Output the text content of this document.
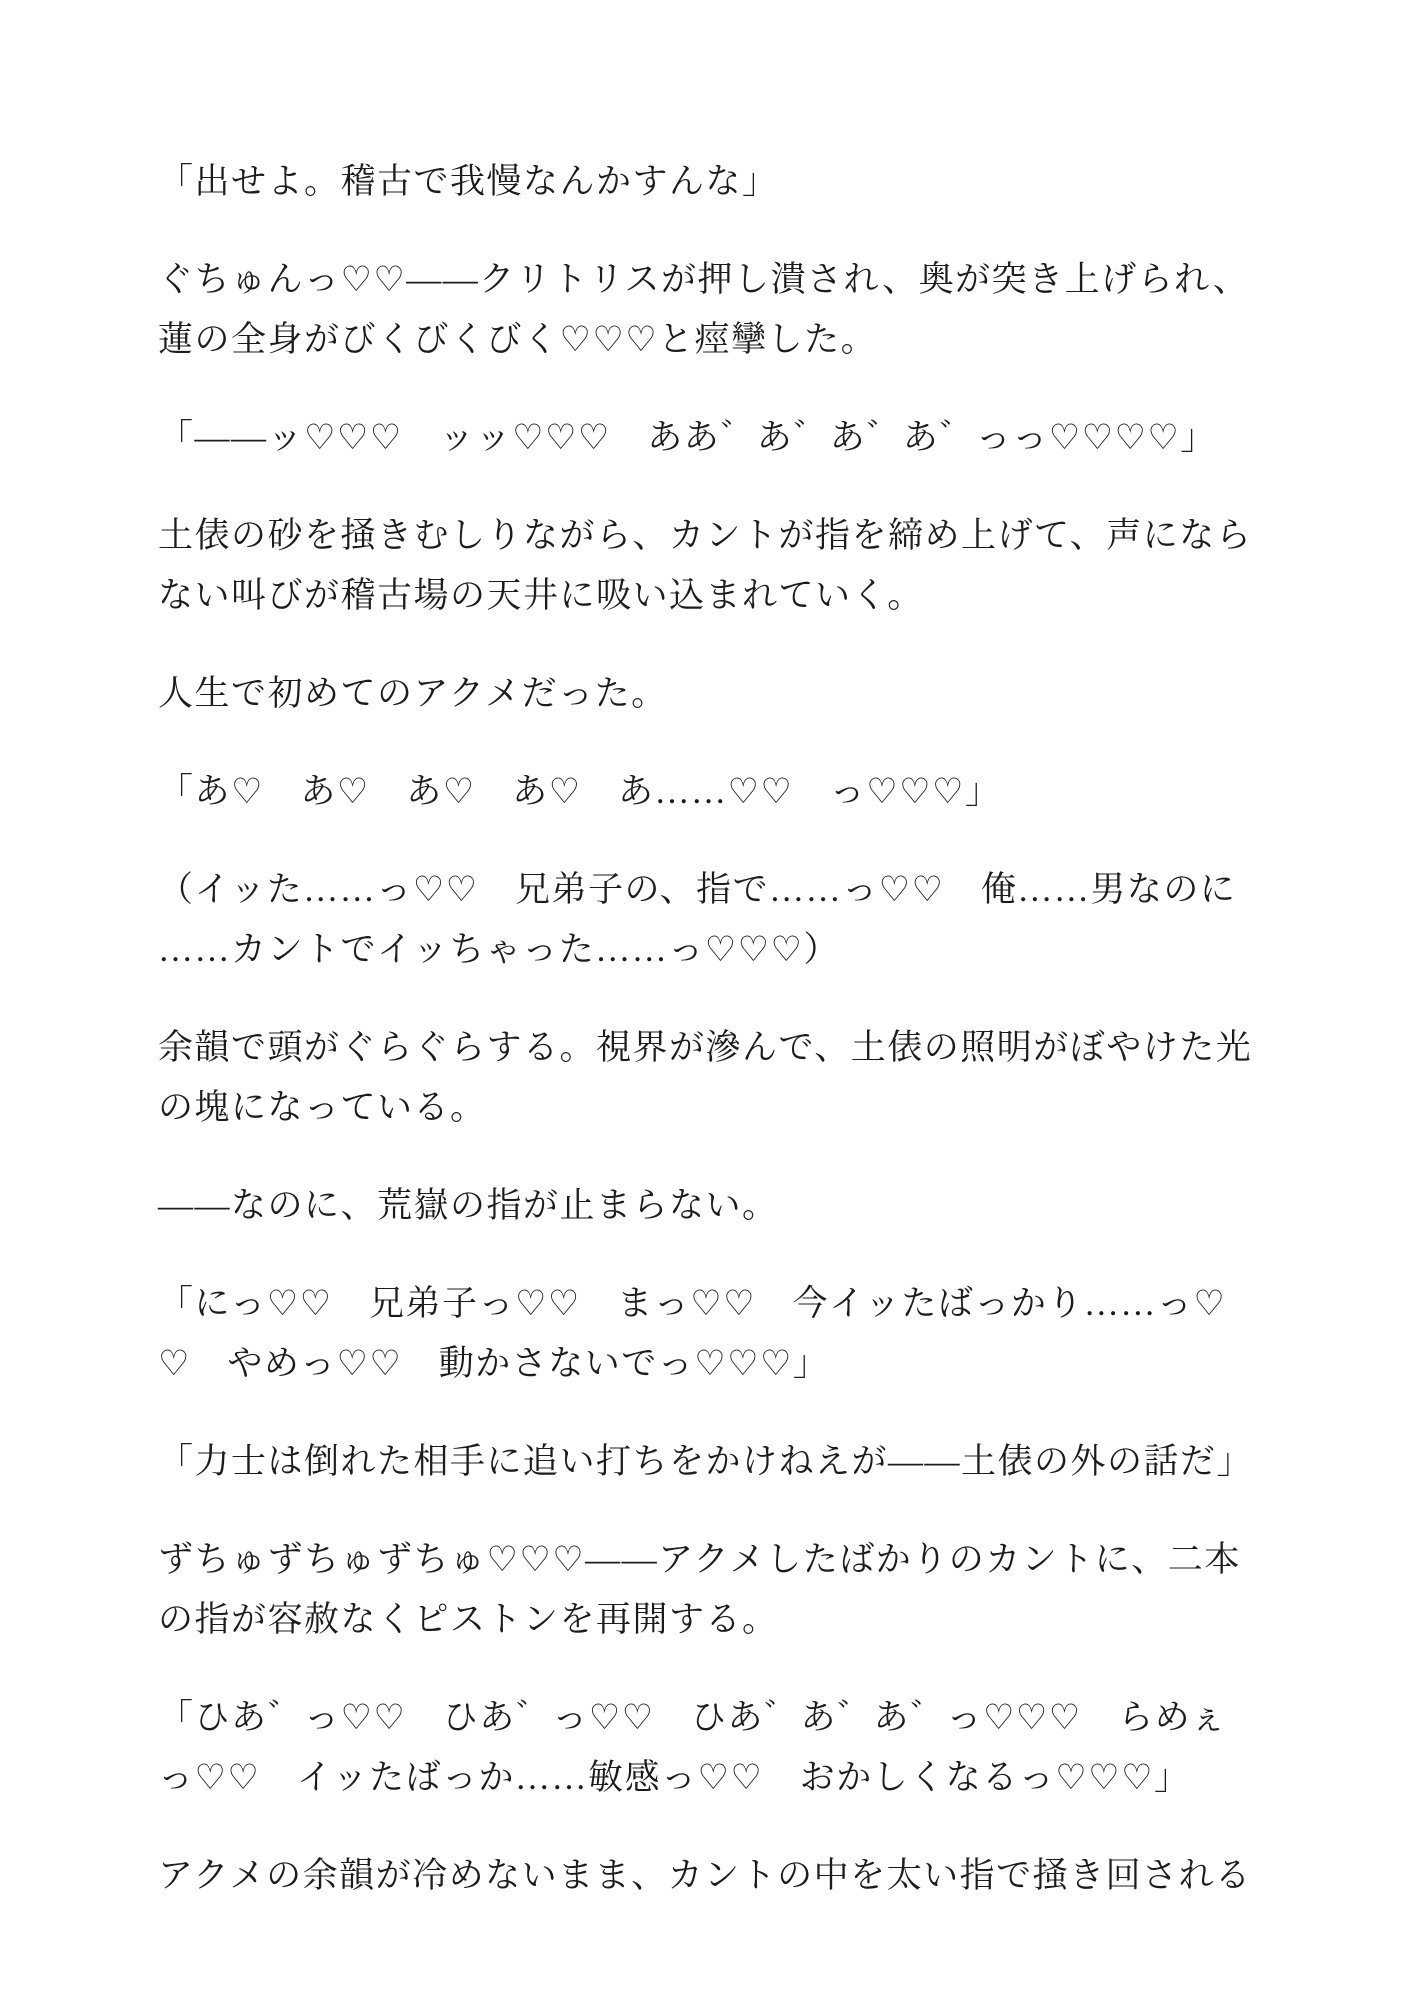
「出せよ。稽古で我慢なんかすんな」

ぐちゅんっ♡♡――クリトリスが押し潰され、奥が突き上げられ、
蓮の全身がびくびくびく♡♡♡と痙攣した。

「――ッ♡♡♡　ッッ♡♡♡　ああ゛あ゛あ゛あ゛っっ♡♡♡♡」

土俵の砂を掻きむしりながら、カントが指を締め上げて、声になら
ない叫びが稽古場の天井に吸い込まれていく。

人生で初めてのアクメだった。

「あ♡　あ♡　あ♡　あ♡　あ……♡♡　っ♡♡♡」

（イッた……っ♡♡　兄弟子の、指で……っ♡♡　俺……男なのに
……カントでイッちゃった……っ♡♡♡）

余韻で頭がぐらぐらする。視界が滲んで、土俵の照明がぼやけた光
の塊になっている。

――なのに、荒嶽の指が止まらない。

「にっ♡♡　兄弟子っ♡♡　まっ♡♡　今イッたばっかり……っ♡
♡　やめっ♡♡　動かさないでっ♡♡♡」

「力士は倒れた相手に追い打ちをかけねえが――土俵の外の話だ」

ずちゅずちゅずちゅ♡♡♡――アクメしたばかりのカントに、二本
の指が容赦なくピストンを再開する。

「ひあ゛っ♡♡　ひあ゛っ♡♡　ひあ゛あ゛あ゛っ♡♡♡　らめぇ
っ♡♡　イッたばっか……敏感っ♡♡　おかしくなるっ♡♡♡」

アクメの余韻が冷めないまま、カントの中を太い指で掻き回される
